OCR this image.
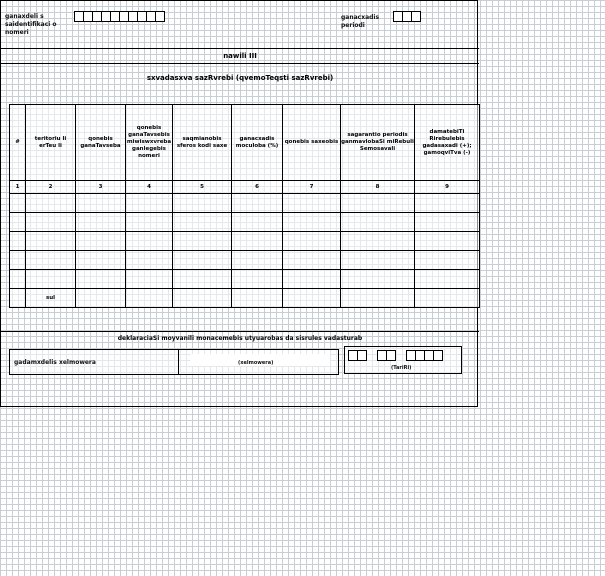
ganaxdeli s saidentifikaci o nomeri
ganacxadis periodi
nawili III
sxvadasxva sazRvrebi (qvemoTeqsti sazRvrebi)
#	teritoriu li erTeu li	qonebis ganaTavseba	qonebis ganaTavsebis miwiswxvreba ganlegebis nomeri	saqmianobis sferos kodi saxe	ganacxadis moculoba (%)	qonebis saxeobis	sagarantio periodis ganmavlobaSi miRebuli Semosavali	damatebiTi Rirebulebis gadasaxadi (+); gamoqviTva (-)
1	2	3	4	5	6	7	8	9

	sul							
deklaraciaSi moyvanili monacemebis utyuarobas da sisrules vadasturab
gadamxdelis xelmowera	(xelmowera)
(TariRi)
